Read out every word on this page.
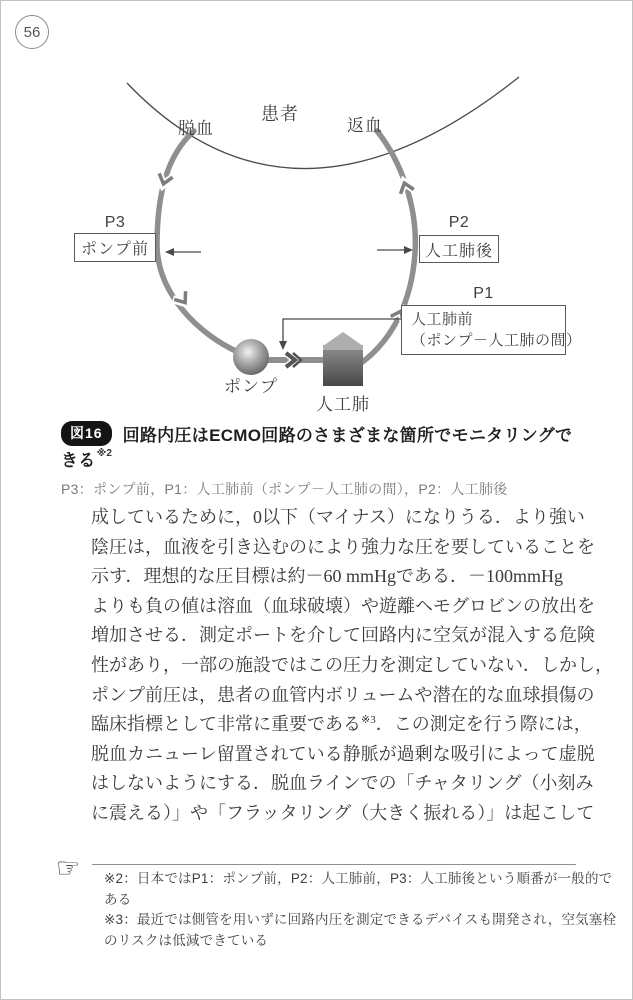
56
患者
脱血	返血
P3
ポンプ前
P2
人工肺後
P1
人工肺前
（ポンプ－人工肺の間）
ポンプ
人工肺
図16 回路内圧はECMO回路のさまざまな箇所でモニタリングできる$^{※2}$
P3：ポンプ前，P1：人工肺前（ポンプ－人工肺の間），P2：人工肺後
成しているために，0以下（マイナス）になりうる．より強い
陰圧は，血液を引き込むのにより強力な圧を要していることを
示す．理想的な圧目標は約－60 mmHgである．－100mmHg
よりも負の値は溶血（血球破壊）や遊離ヘモグロビンの放出を
増加させる．測定ポートを介して回路内に空気が混入する危険
性があり，一部の施設ではこの圧力を測定していない．しかし，
ポンプ前圧は，患者の血管内ボリュームや潜在的な血球損傷の
臨床指標として非常に重要である$^{※3}$．この測定を行う際には，
脱血カニューレ留置されている静脈が過剰な吸引によって虚脱
はしないようにする．脱血ラインでの「チャタリング（小刻み
に震える）」や「フラッタリング（大きく振れる）」は起こして
☞ ※2：日本ではP1：ポンプ前，P2：人工肺前，P3：人工肺後という順番が一般的で
ある
※3：最近では側管を用いずに回路内圧を測定できるデバイスも開発され，空気塞栓
のリスクは低減できている
